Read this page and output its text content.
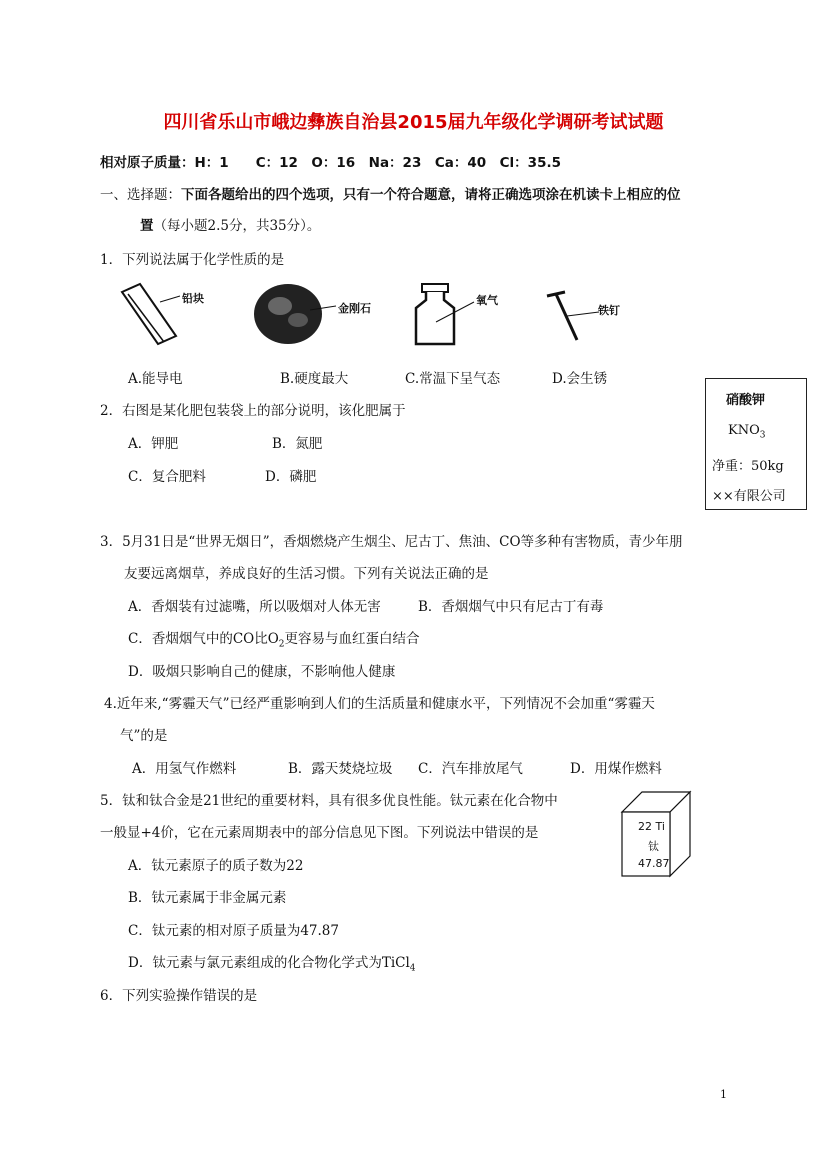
四川省乐山市峨边彝族自治县2015届九年级化学调研考试试题
相对原子质量：H：1　　C：12　O：16　Na：23　Ca：40　Cl：35.5
一、选择题：下面各题给出的四个选项，只有一个符合题意，请将正确选项涂在机读卡上相应的位
置（每小题2.5分，共35分）。
1．下列说法属于化学性质的是
铅块
金刚石
氧气
铁钉
A.能导电	B.硬度最大	C.常温下呈气态	D.会生锈
2．右图是某化肥包装袋上的部分说明，该化肥属于
A．钾肥	B．氮肥
C．复合肥料	D．磷肥
硝酸钾
$KNO_3$
净重：50kg
××有限公司
3．5月31日是“世界无烟日”，香烟燃烧产生烟尘、尼古丁、焦油、CO等多种有害物质，青少年朋
友要远离烟草，养成良好的生活习惯。下列有关说法正确的是
A．香烟装有过滤嘴，所以吸烟对人体无害	B．香烟烟气中只有尼古丁有毒
C．香烟烟气中的CO比$O_2$更容易与血红蛋白结合
D．吸烟只影响自己的健康，不影响他人健康
4.近年来,“雾霾天气”已经严重影响到人们的生活质量和健康水平，下列情况不会加重“雾霾天
气”的是
A．用氢气作燃料	B．露天焚烧垃圾 C．汽车排放尾气	D．用煤作燃料
5．钛和钛合金是21世纪的重要材料，具有很多优良性能。钛元素在化合物中
一般显+4价，它在元素周期表中的部分信息见下图。下列说法中错误的是
A．钛元素原子的质子数为22
B．钛元素属于非金属元素
C．钛元素的相对原子质量为47.87
D．钛元素与氯元素组成的化合物化学式为TiCl$_4$
22 Ti
钛
47.87
6．下列实验操作错误的是
1
